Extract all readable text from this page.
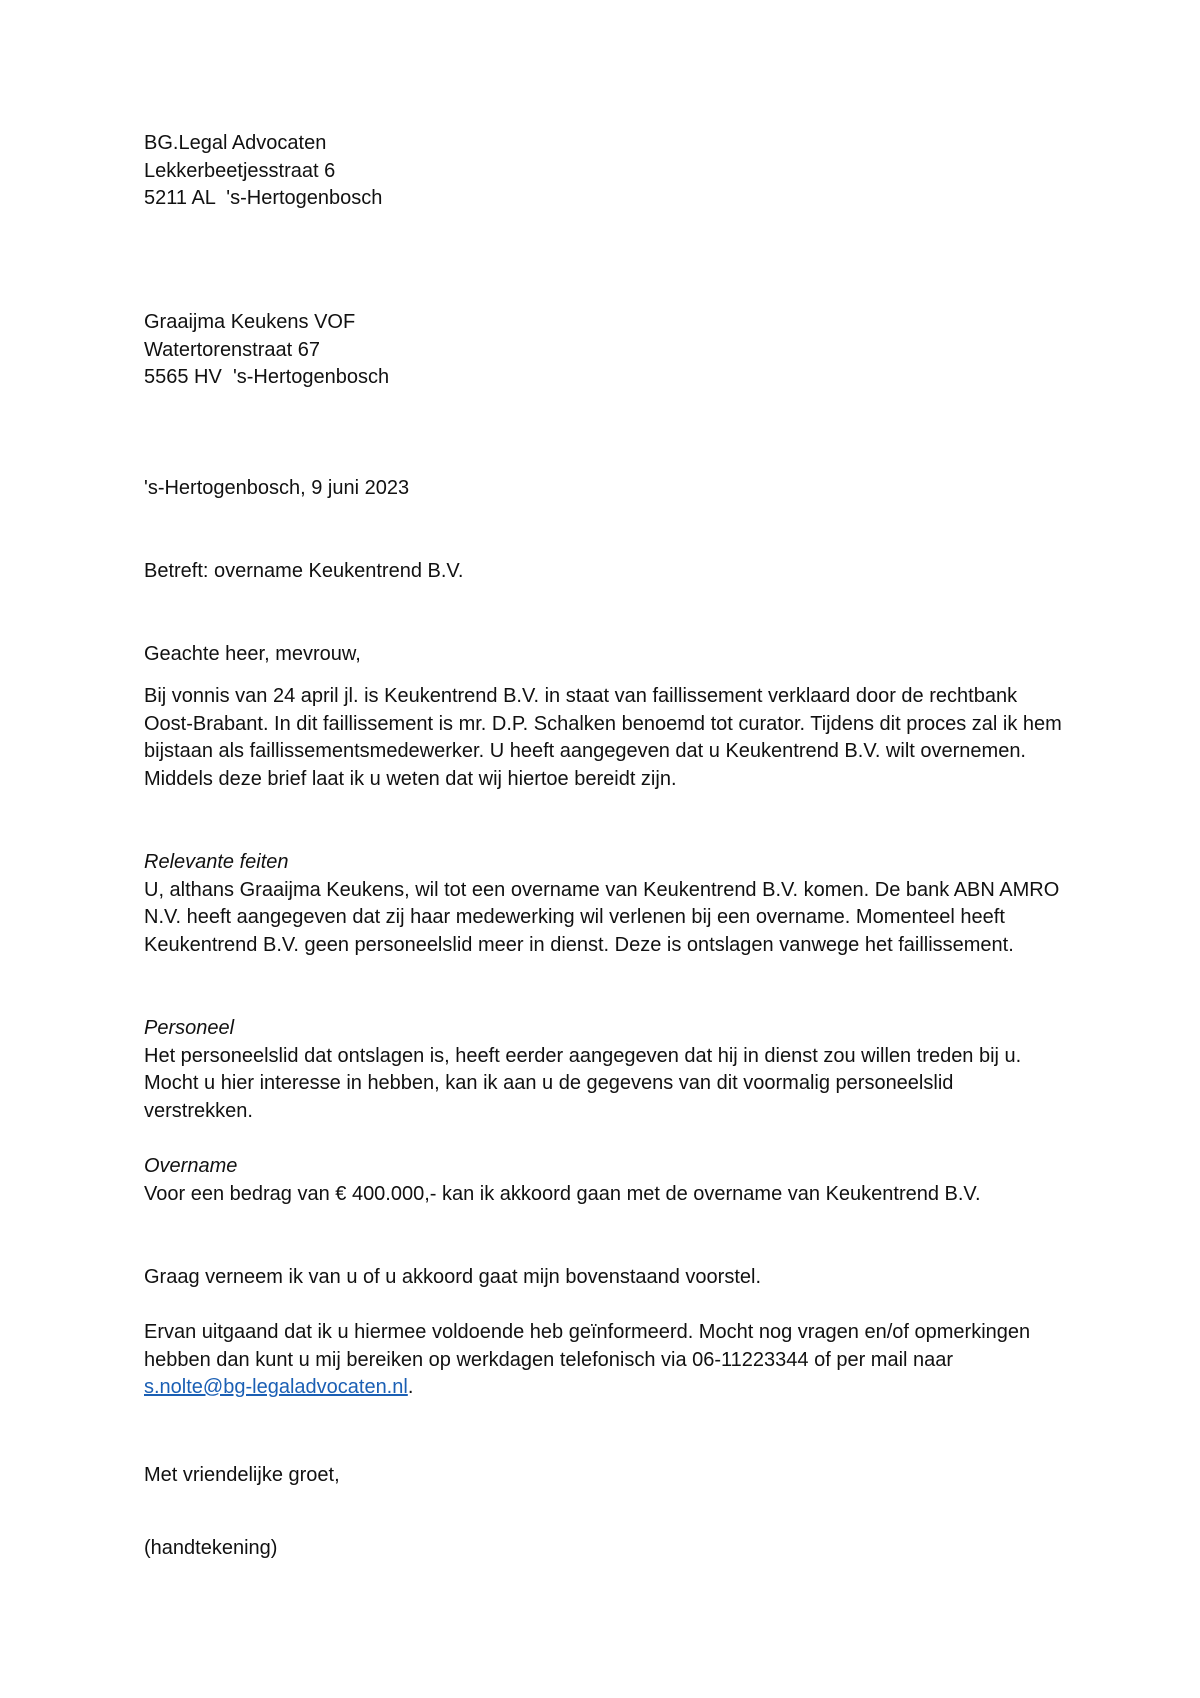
BG.Legal Advocaten
Lekkerbeetjesstraat 6
5211 AL  's-Hertogenbosch
Graaijma Keukens VOF
Watertorenstraat 67
5565 HV  's-Hertogenbosch
's-Hertogenbosch, 9 juni 2023
Betreft: overname Keukentrend B.V.
Geachte heer, mevrouw,

Bij vonnis van 24 april jl. is Keukentrend B.V. in staat van faillissement verklaard door de rechtbank Oost-Brabant. In dit faillissement is mr. D.P. Schalken benoemd tot curator. Tijdens dit proces zal ik hem bijstaan als faillissementsmedewerker. U heeft aangegeven dat u Keukentrend B.V. wilt overnemen. Middels deze brief laat ik u weten dat wij hiertoe bereidt zijn.

Relevante feiten

U, althans Graaijma Keukens, wil tot een overname van Keukentrend B.V. komen. De bank ABN AMRO N.V. heeft aangegeven dat zij haar medewerking wil verlenen bij een overname. Momenteel heeft Keukentrend B.V. geen personeelslid meer in dienst. Deze is ontslagen vanwege het faillissement.

Personeel

Het personeelslid dat ontslagen is, heeft eerder aangegeven dat hij in dienst zou willen treden bij u. Mocht u hier interesse in hebben, kan ik aan u de gegevens van dit voormalig personeelslid verstrekken.

Overname

Voor een bedrag van € 400.000,- kan ik akkoord gaan met de overname van Keukentrend B.V.

Graag verneem ik van u of u akkoord gaat mijn bovenstaand voorstel.

Ervan uitgaand dat ik u hiermee voldoende heb geïnformeerd. Mocht nog vragen en/of opmerkingen hebben dan kunt u mij bereiken op werkdagen telefonisch via 06-11223344 of per mail naar s.nolte@bg-legaladvocaten.nl.

Met vriendelijke groet,
(handtekening)
